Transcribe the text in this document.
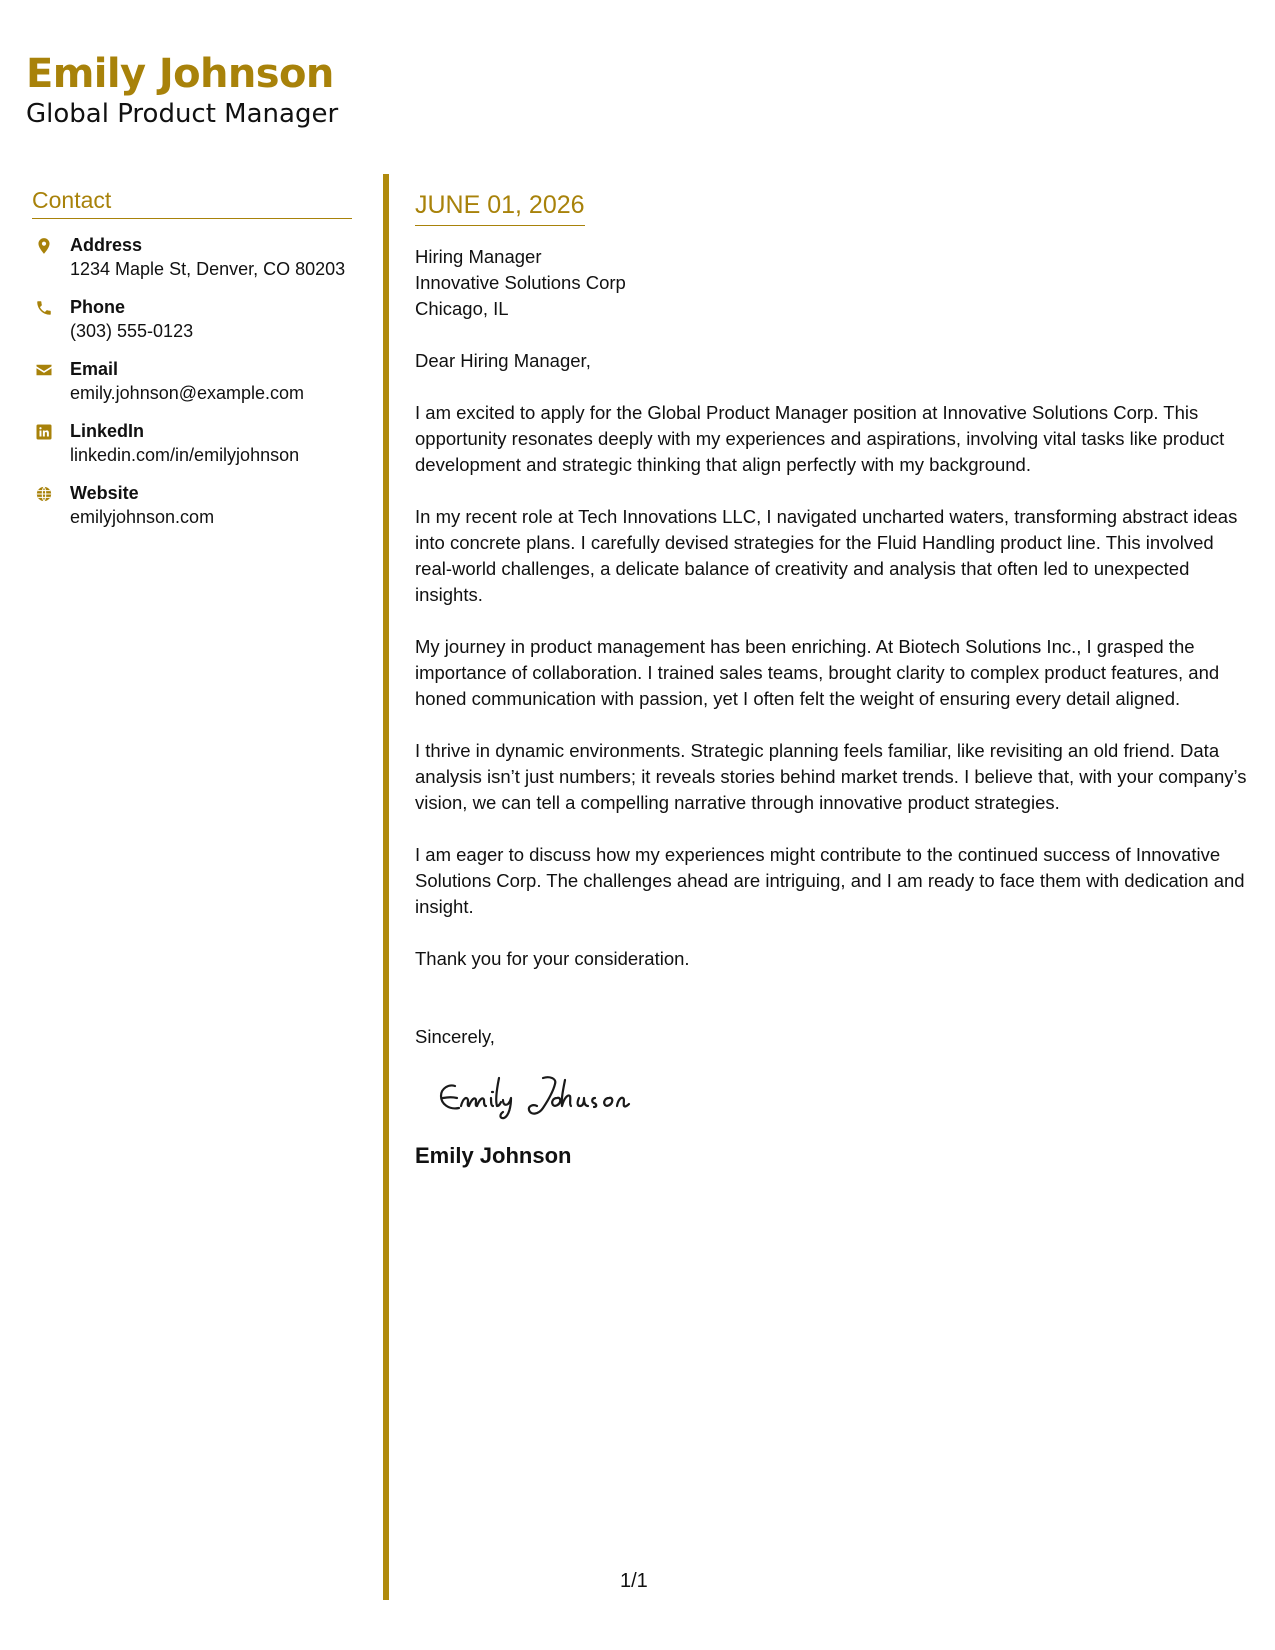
Emily Johnson
Global Product Manager
Contact
Address
1234 Maple St, Denver, CO 80203
Phone
(303) 555-0123
Email
emily.johnson@example.com
LinkedIn
linkedin.com/in/emilyjohnson
Website
emilyjohnson.com
JUNE 01, 2026
Hiring Manager
Innovative Solutions Corp
Chicago, IL
Dear Hiring Manager,
I am excited to apply for the Global Product Manager position at Innovative Solutions Corp. This opportunity resonates deeply with my experiences and aspirations, involving vital tasks like product development and strategic thinking that align perfectly with my background.
In my recent role at Tech Innovations LLC, I navigated uncharted waters, transforming abstract ideas into concrete plans. I carefully devised strategies for the Fluid Handling product line. This involved real-world challenges, a delicate balance of creativity and analysis that often led to unexpected insights.
My journey in product management has been enriching. At Biotech Solutions Inc., I grasped the importance of collaboration. I trained sales teams, brought clarity to complex product features, and honed communication with passion, yet I often felt the weight of ensuring every detail aligned.
I thrive in dynamic environments. Strategic planning feels familiar, like revisiting an old friend. Data analysis isn’t just numbers; it reveals stories behind market trends. I believe that, with your company’s vision, we can tell a compelling narrative through innovative product strategies.
I am eager to discuss how my experiences might contribute to the continued success of Innovative Solutions Corp. The challenges ahead are intriguing, and I am ready to face them with dedication and insight.
Thank you for your consideration.
Sincerely,
Emily Johnson
1/1
